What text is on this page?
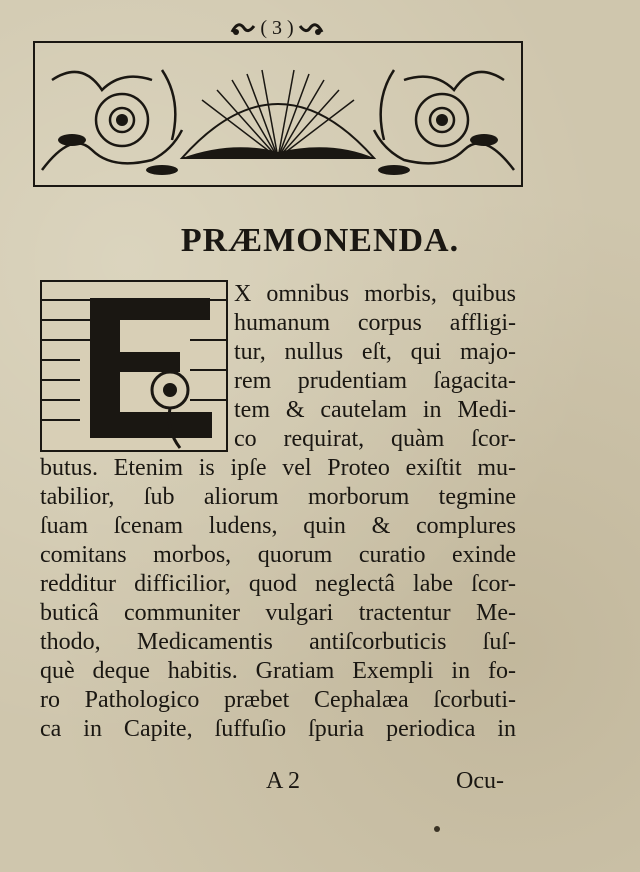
( 3 )
PRÆMONENDA.
X omnibus morbis, quibus
humanum corpus affligi-
tur, nullus eſt, qui majo-
rem prudentiam ſagacita-
tem & cautelam in Medi-
co requirat, quàm ſcor-
butus. Etenim is ipſe vel Proteo exiſtit mu-
tabilior, ſub aliorum morborum tegmine
ſuam ſcenam ludens, quin & complures
comitans morbos, quorum curatio exinde
redditur difficilior, quod neglectâ labe ſcor-
buticâ communiter vulgari tractentur Me-
thodo, Medicamentis antiſcorbuticis ſuſ-
què deque habitis. Gratiam Exempli in fo-
ro Pathologico præbet Cephalæa ſcorbuti-
ca in Capite, ſuffuſio ſpuria periodica in
A 2	Ocu-
